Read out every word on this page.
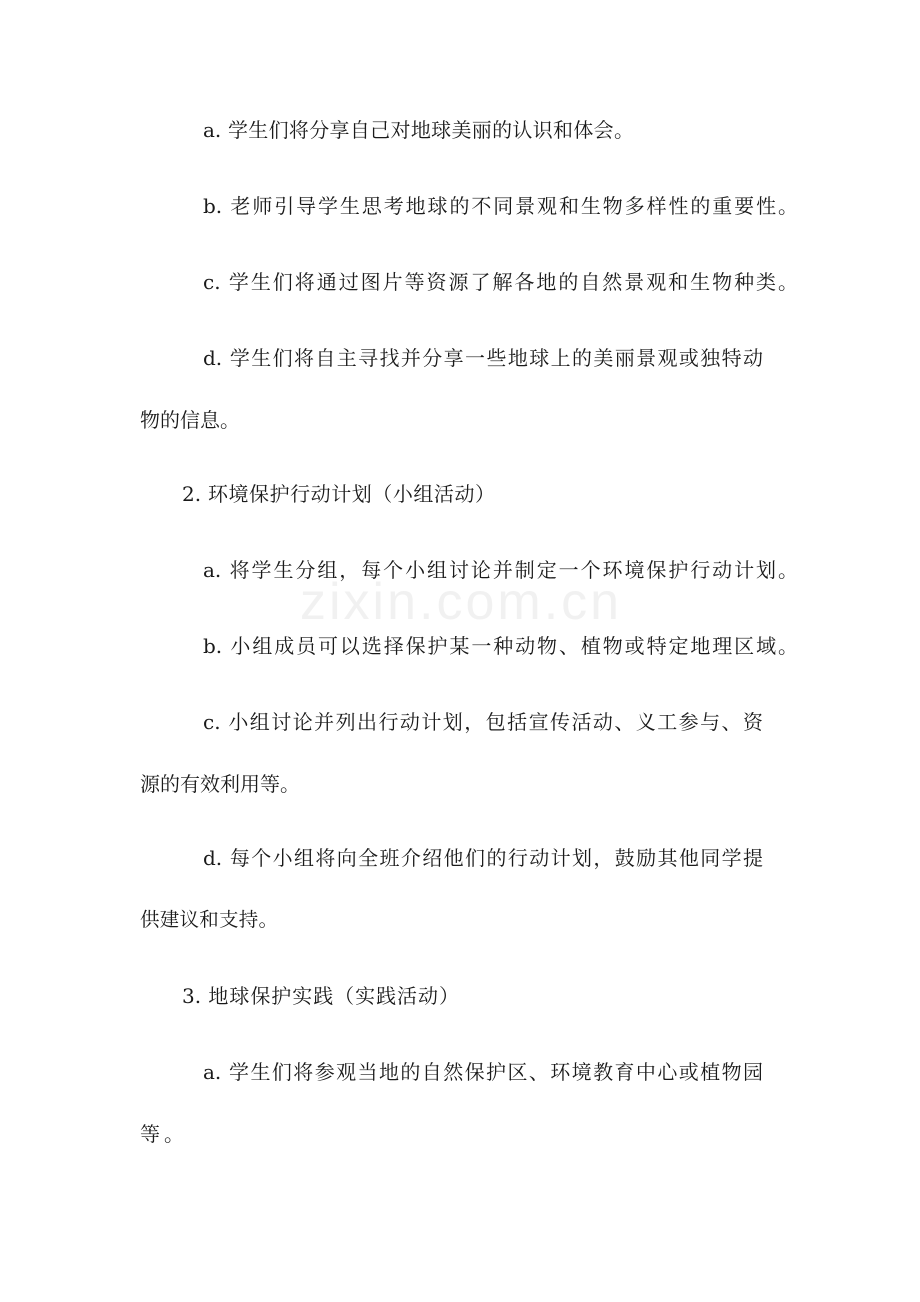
a. 学生们将分享自己对地球美丽的认识和体会。
b. 老师引导学生思考地球的不同景观和生物多样性的重要性。
c. 学生们将通过图片等资源了解各地的自然景观和生物种类。
d. 学生们将自主寻找并分享一些地球上的美丽景观或独特动
物的信息。
2. 环境保护行动计划（小组活动）
a. 将学生分组，每个小组讨论并制定一个环境保护行动计划。
b. 小组成员可以选择保护某一种动物、植物或特定地理区域。
c. 小组讨论并列出行动计划，包括宣传活动、义工参与、资
源的有效利用等。
d. 每个小组将向全班介绍他们的行动计划，鼓励其他同学提
供建议和支持。
3. 地球保护实践（实践活动）
a. 学生们将参观当地的自然保护区、环境教育中心或植物园
等。
zixin.com.cn
